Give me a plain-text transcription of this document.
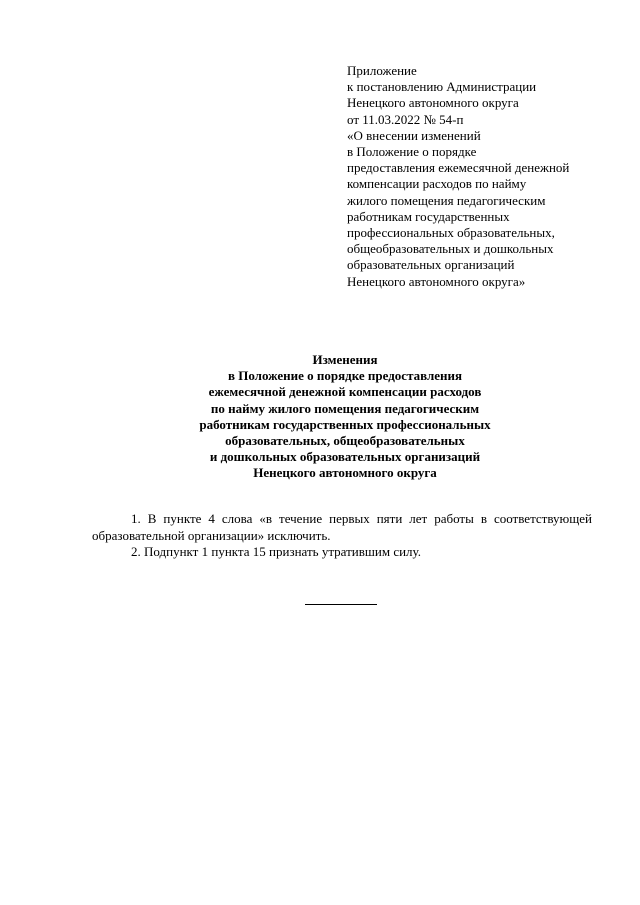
Приложение
к постановлению Администрации
Ненецкого автономного округа
от 11.03.2022 № 54-п
«О внесении изменений
в Положение о порядке
предоставления ежемесячной денежной
компенсации расходов по найму
жилого помещения педагогическим
работникам государственных
профессиональных образовательных,
общеобразовательных и дошкольных
образовательных организаций
Ненецкого автономного округа»
Изменения
в Положение о порядке предоставления
ежемесячной денежной компенсации расходов
по найму жилого помещения педагогическим
работникам государственных профессиональных
образовательных, общеобразовательных
и дошкольных образовательных организаций
Ненецкого автономного округа

1. В пункте 4 слова «в течение первых пяти лет работы в соответствующей
образовательной организации» исключить.

2. Подпункт 1 пункта 15 признать утратившим силу.
